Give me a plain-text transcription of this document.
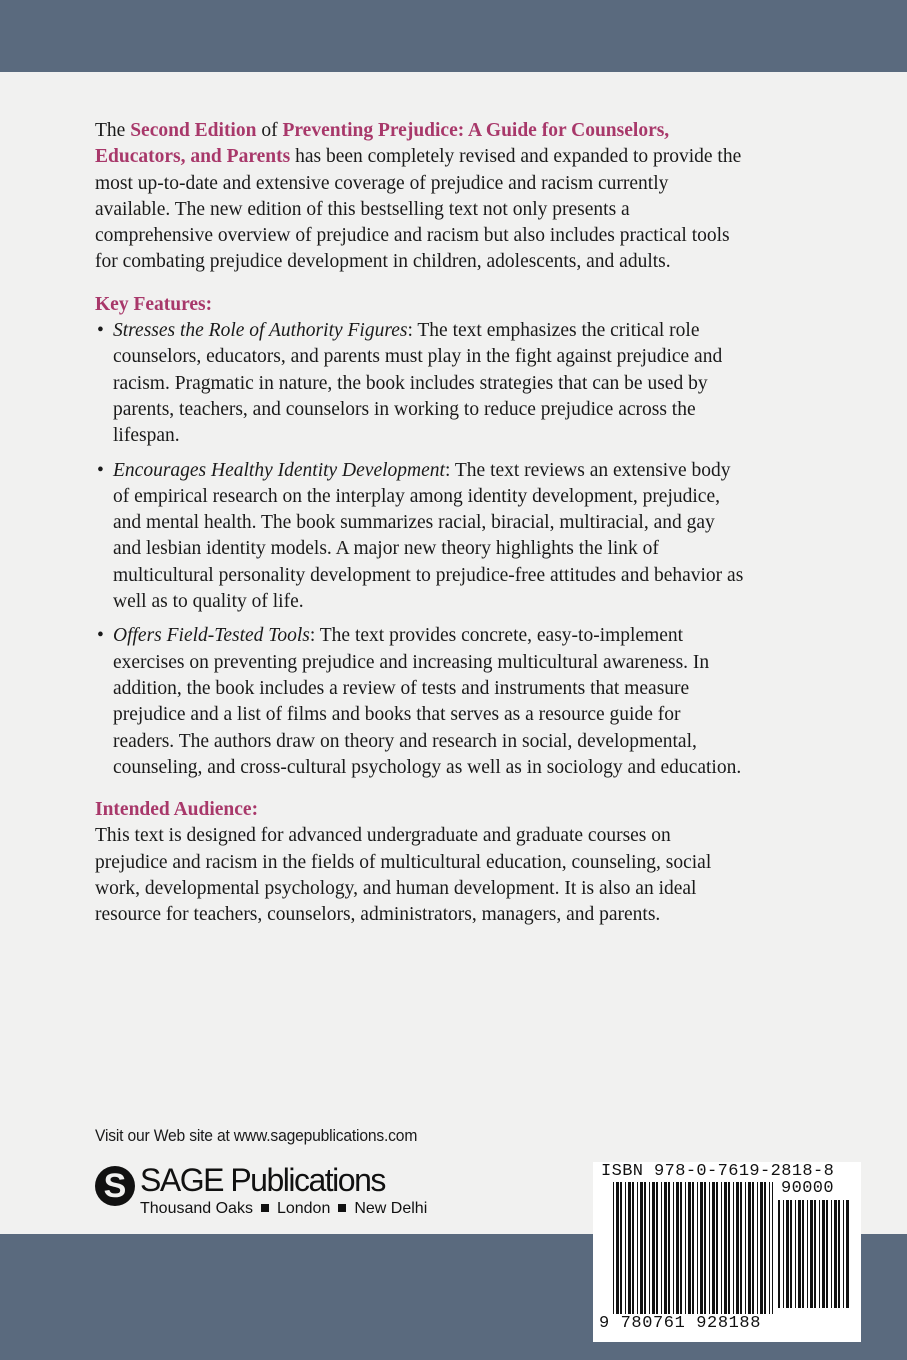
The Second Edition of Preventing Prejudice: A Guide for Counselors, Educators, and Parents has been completely revised and expanded to provide the most up-to-date and extensive coverage of prejudice and racism currently available. The new edition of this bestselling text not only presents a comprehensive overview of prejudice and racism but also includes practical tools for combating prejudice development in children, adolescents, and adults.

Key Features:

• Stresses the Role of Authority Figures: The text emphasizes the critical role counselors, educators, and parents must play in the fight against prejudice and racism. Pragmatic in nature, the book includes strategies that can be used by parents, teachers, and counselors in working to reduce prejudice across the lifespan.
• Encourages Healthy Identity Development: The text reviews an extensive body of empirical research on the interplay among identity development, prejudice, and mental health. The book summarizes racial, biracial, multiracial, and gay and lesbian identity models. A major new theory highlights the link of multicultural personality development to prejudice-free attitudes and behavior as well as to quality of life.
• Offers Field-Tested Tools: The text provides concrete, easy-to-implement exercises on preventing prejudice and increasing multicultural awareness. In addition, the book includes a review of tests and instruments that measure prejudice and a list of films and books that serves as a resource guide for readers. The authors draw on theory and research in social, developmental, counseling, and cross-cultural psychology as well as in sociology and education.

Intended Audience:

This text is designed for advanced undergraduate and graduate courses on prejudice and racism in the fields of multicultural education, counseling, social work, developmental psychology, and human development. It is also an ideal resource for teachers, counselors, administrators, managers, and parents.

Visit our Web site at www.sagepublications.com
S SAGE Publications
Thousand Oaks London New Delhi
ISBN 978-0-7619-2818-8
90000
9 780761 928188
